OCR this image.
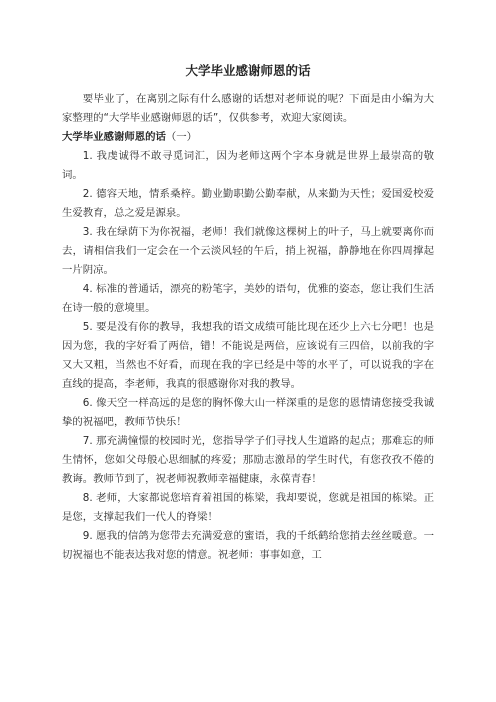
大学毕业感谢师恩的话

要毕业了，在离别之际有什么感谢的话想对老师说的呢？下面是由小编为大家整理的“大学毕业感谢师恩的话”，仅供参考，欢迎大家阅读。

大学毕业感谢师恩的话（一）

1. 我虔诚得不敢寻觅词汇，因为老师这两个字本身就是世界上最崇高的敬词。

2. 德容天地，情系桑梓。勤业勤职勤公勤奉献，从来勤为天性；爱国爱校爱生爱教育，总之爱是源泉。

3. 我在绿荫下为你祝福，老师！我们就像这棵树上的叶子，马上就要离你而去，请相信我们一定会在一个云淡风轻的午后，捎上祝福，静静地在你四周撑起一片阴凉。

4. 标准的普通话，漂亮的粉笔字，美妙的语句，优雅的姿态，您让我们生活在诗一般的意境里。

5. 要是没有你的教导，我想我的语文成绩可能比现在还少上六七分吧！也是因为您，我的字好看了两倍，错！不能说是两倍，应该说有三四倍，以前我的字又大又粗，当然也不好看，而现在我的字已经是中等的水平了，可以说我的字在直线的提高，李老师，我真的很感谢你对我的教导。

6. 像天空一样高远的是您的胸怀像大山一样深重的是您的恩情请您接受我诚挚的祝福吧，教师节快乐！

7. 那充满憧憬的校园时光，您指导学子们寻找人生道路的起点；那难忘的师生情怀，您如父母般心思细腻的疼爱；那励志激昂的学生时代，有您孜孜不倦的教诲。教师节到了，祝老师祝教师幸福健康，永葆青春！

8. 老师，大家都说您培育着祖国的栋梁，我却要说，您就是祖国的栋梁。正是您，支撑起我们一代人的脊梁！

9. 愿我的信鸽为您带去充满爱意的蜜语，我的千纸鹤给您捎去丝丝暖意。一切祝福也不能表达我对您的情意。祝老师：事事如意，工
